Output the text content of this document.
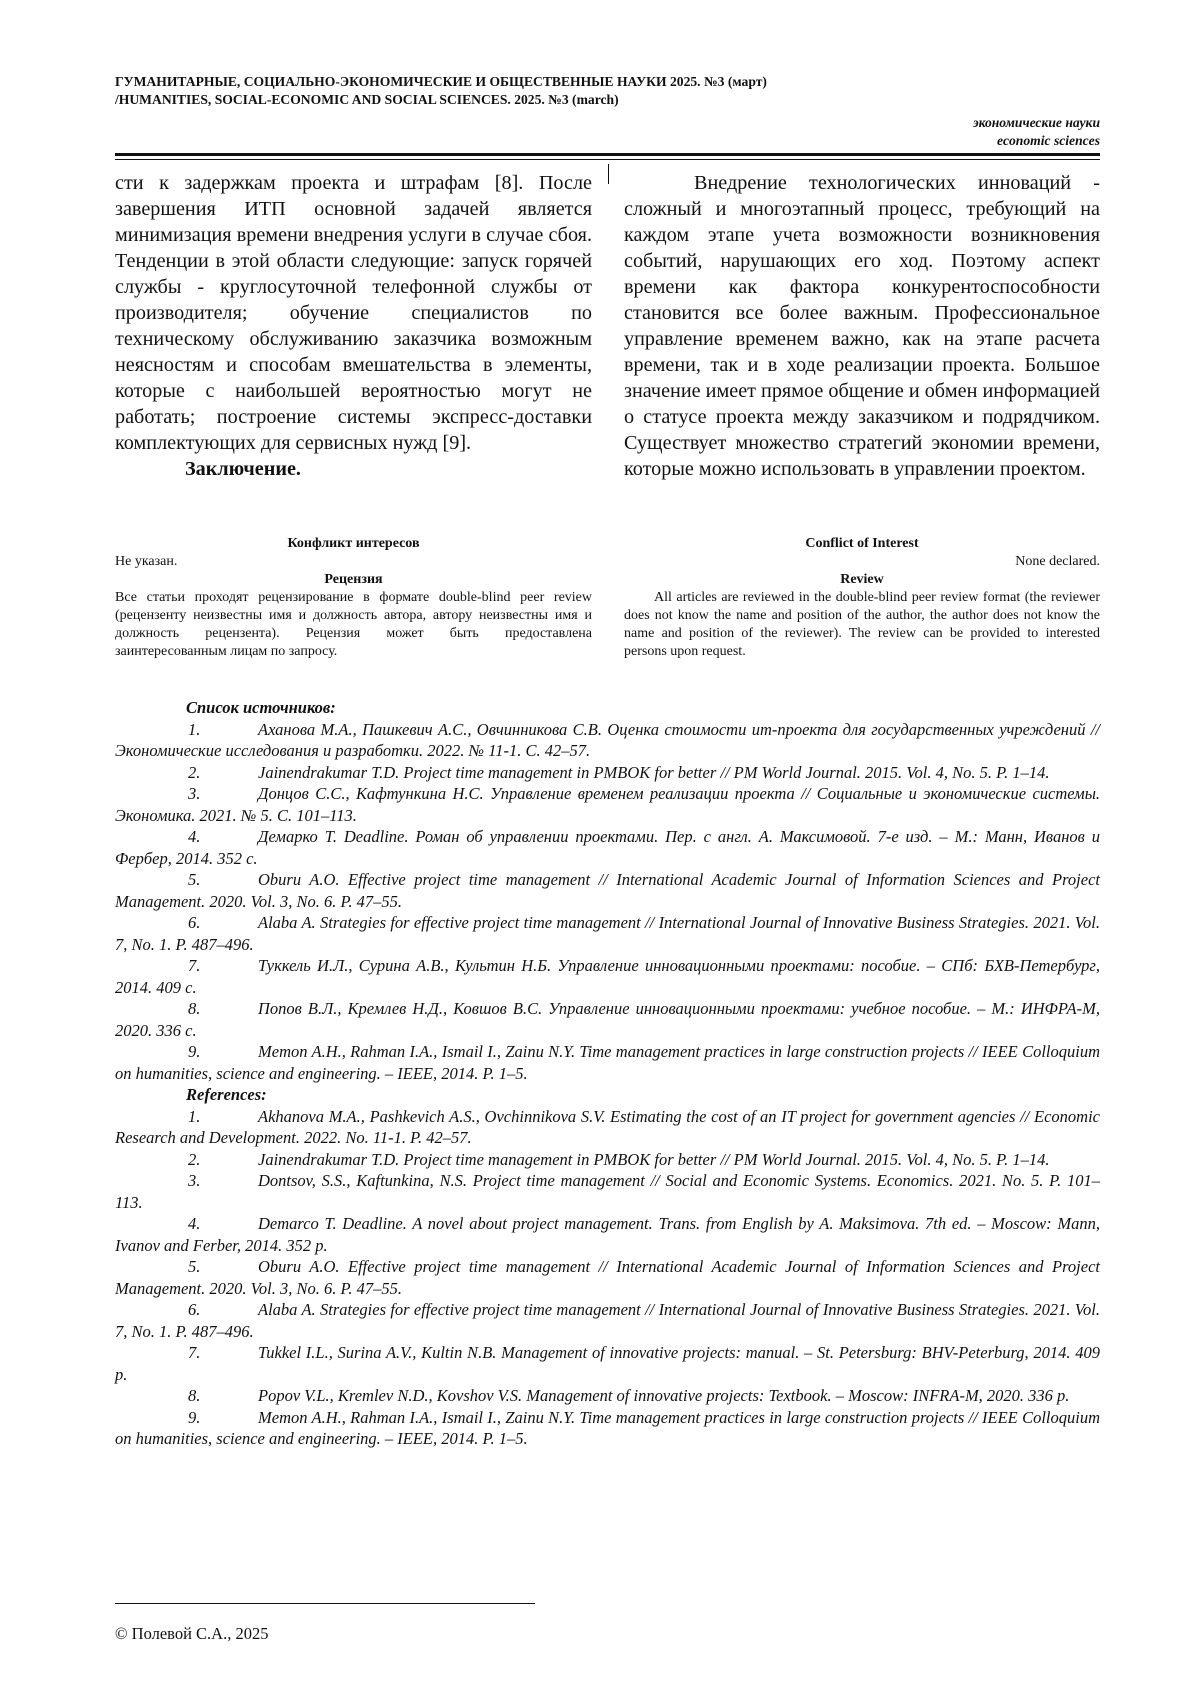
ГУМАНИТАРНЫЕ, СОЦИАЛЬНО-ЭКОНОМИЧЕСКИЕ И ОБЩЕСТВЕННЫЕ НАУКИ 2025. №3 (март)
/HUMANITIES, SOCIAL-ECONOMIC AND SOCIAL SCIENCES. 2025. №3 (march)
экономические науки
economic sciences

сти к задержкам проекта и штрафам [8]. После завершения ИТП основной задачей является минимизация времени внедрения услуги в случае сбоя. Тенденции в этой области следующие: запуск горячей службы - круглосуточной телефонной службы от производителя; обучение специалистов по техническому обслуживанию заказчика возможным неясностям и способам вмешательства в элементы, которые с наибольшей вероятностью могут не работать; построение системы экспресс-доставки комплектующих для сервисных нужд [9].

Заключение.

Внедрение технологических инноваций - сложный и многоэтапный процесс, требующий на каждом этапе учета возможности возникновения событий, нарушающих его ход. Поэтому аспект времени как фактора конкурентоспособности становится все более важным. Профессиональное управление временем важно, как на этапе расчета времени, так и в ходе реализации проекта. Большое значение имеет прямое общение и обмен информацией о статусе проекта между заказчиком и подрядчиком. Существует множество стратегий экономии времени, которые можно использовать в управлении проектом.

Конфликт интересов
Не указан.
Рецензия
Все статьи проходят рецензирование в формате double-blind peer review (рецензенту неизвестны имя и должность автора, автору неизвестны имя и должность рецензента). Рецензия может быть предоставлена заинтересованным лицам по запросу.
Conflict of Interest
None declared.
Review
All articles are reviewed in the double-blind peer review format (the reviewer does not know the name and position of the author, the author does not know the name and position of the reviewer). The review can be provided to interested persons upon request.
Список источников:

1.	Аханова М.А., Пашкевич А.С., Овчинникова С.В. Оценка стоимости ит-проекта для государственных учреждений // Экономические исследования и разработки. 2022. № 11-1. С. 42–57.

2.	Jainendrakumar T.D. Project time management in PMBOK for better // PM World Journal. 2015. Vol. 4, No. 5. P. 1–14.

3.	Донцов С.С., Кафтункина Н.С. Управление временем реализации проекта // Социальные и экономические системы. Экономика. 2021. № 5. С. 101–113.

4.	Демарко Т. Deadline. Роман об управлении проектами. Пер. с англ. А. Максимовой. 7-е изд. – М.: Манн, Иванов и Фербер, 2014. 352 с.

5.	Oburu A.O. Effective project time management // International Academic Journal of Information Sciences and Project Management. 2020. Vol. 3, No. 6. P. 47–55.

6.	Alaba A. Strategies for effective project time management // International Journal of Innovative Business Strategies. 2021. Vol. 7, No. 1. P. 487–496.

7.	Туккель И.Л., Сурина А.В., Культин Н.Б. Управление инновационными проектами: пособие. – СПб: БХВ-Петербург, 2014. 409 с.

8.	Попов В.Л., Кремлев Н.Д., Ковшов В.С. Управление инновационными проектами: учебное пособие. – М.: ИНФРА-М, 2020. 336 с.

9.	Memon A.H., Rahman I.A., Ismail I., Zainu N.Y. Time management practices in large construction projects // IEEE Colloquium on humanities, science and engineering. – IEEE, 2014. P. 1–5.

References:

1.	Akhanova M.A., Pashkevich A.S., Ovchinnikova S.V. Estimating the cost of an IT project for government agencies // Economic Research and Development. 2022. No. 11-1. P. 42–57.

2.	Jainendrakumar T.D. Project time management in PMBOK for better // PM World Journal. 2015. Vol. 4, No. 5. P. 1–14.

3.	Dontsov, S.S., Kaftunkina, N.S. Project time management // Social and Economic Systems. Economics. 2021. No. 5. P. 101–113.

4.	Demarco T. Deadline. A novel about project management. Trans. from English by A. Maksimova. 7th ed. – Moscow: Mann, Ivanov and Ferber, 2014. 352 p.

5.	Oburu A.O. Effective project time management // International Academic Journal of Information Sciences and Project Management. 2020. Vol. 3, No. 6. P. 47–55.

6.	Alaba A. Strategies for effective project time management // International Journal of Innovative Business Strategies. 2021. Vol. 7, No. 1. P. 487–496.

7.	Tukkel I.L., Surina A.V., Kultin N.B. Management of innovative projects: manual. – St. Petersburg: BHV-Peterburg, 2014. 409 p.

8.	Popov V.L., Kremlev N.D., Kovshov V.S. Management of innovative projects: Textbook. – Moscow: INFRA-M, 2020. 336 p.

9.	Memon A.H., Rahman I.A., Ismail I., Zainu N.Y. Time management practices in large construction projects // IEEE Colloquium on humanities, science and engineering. – IEEE, 2014. P. 1–5.

© Полевой С.А., 2025
